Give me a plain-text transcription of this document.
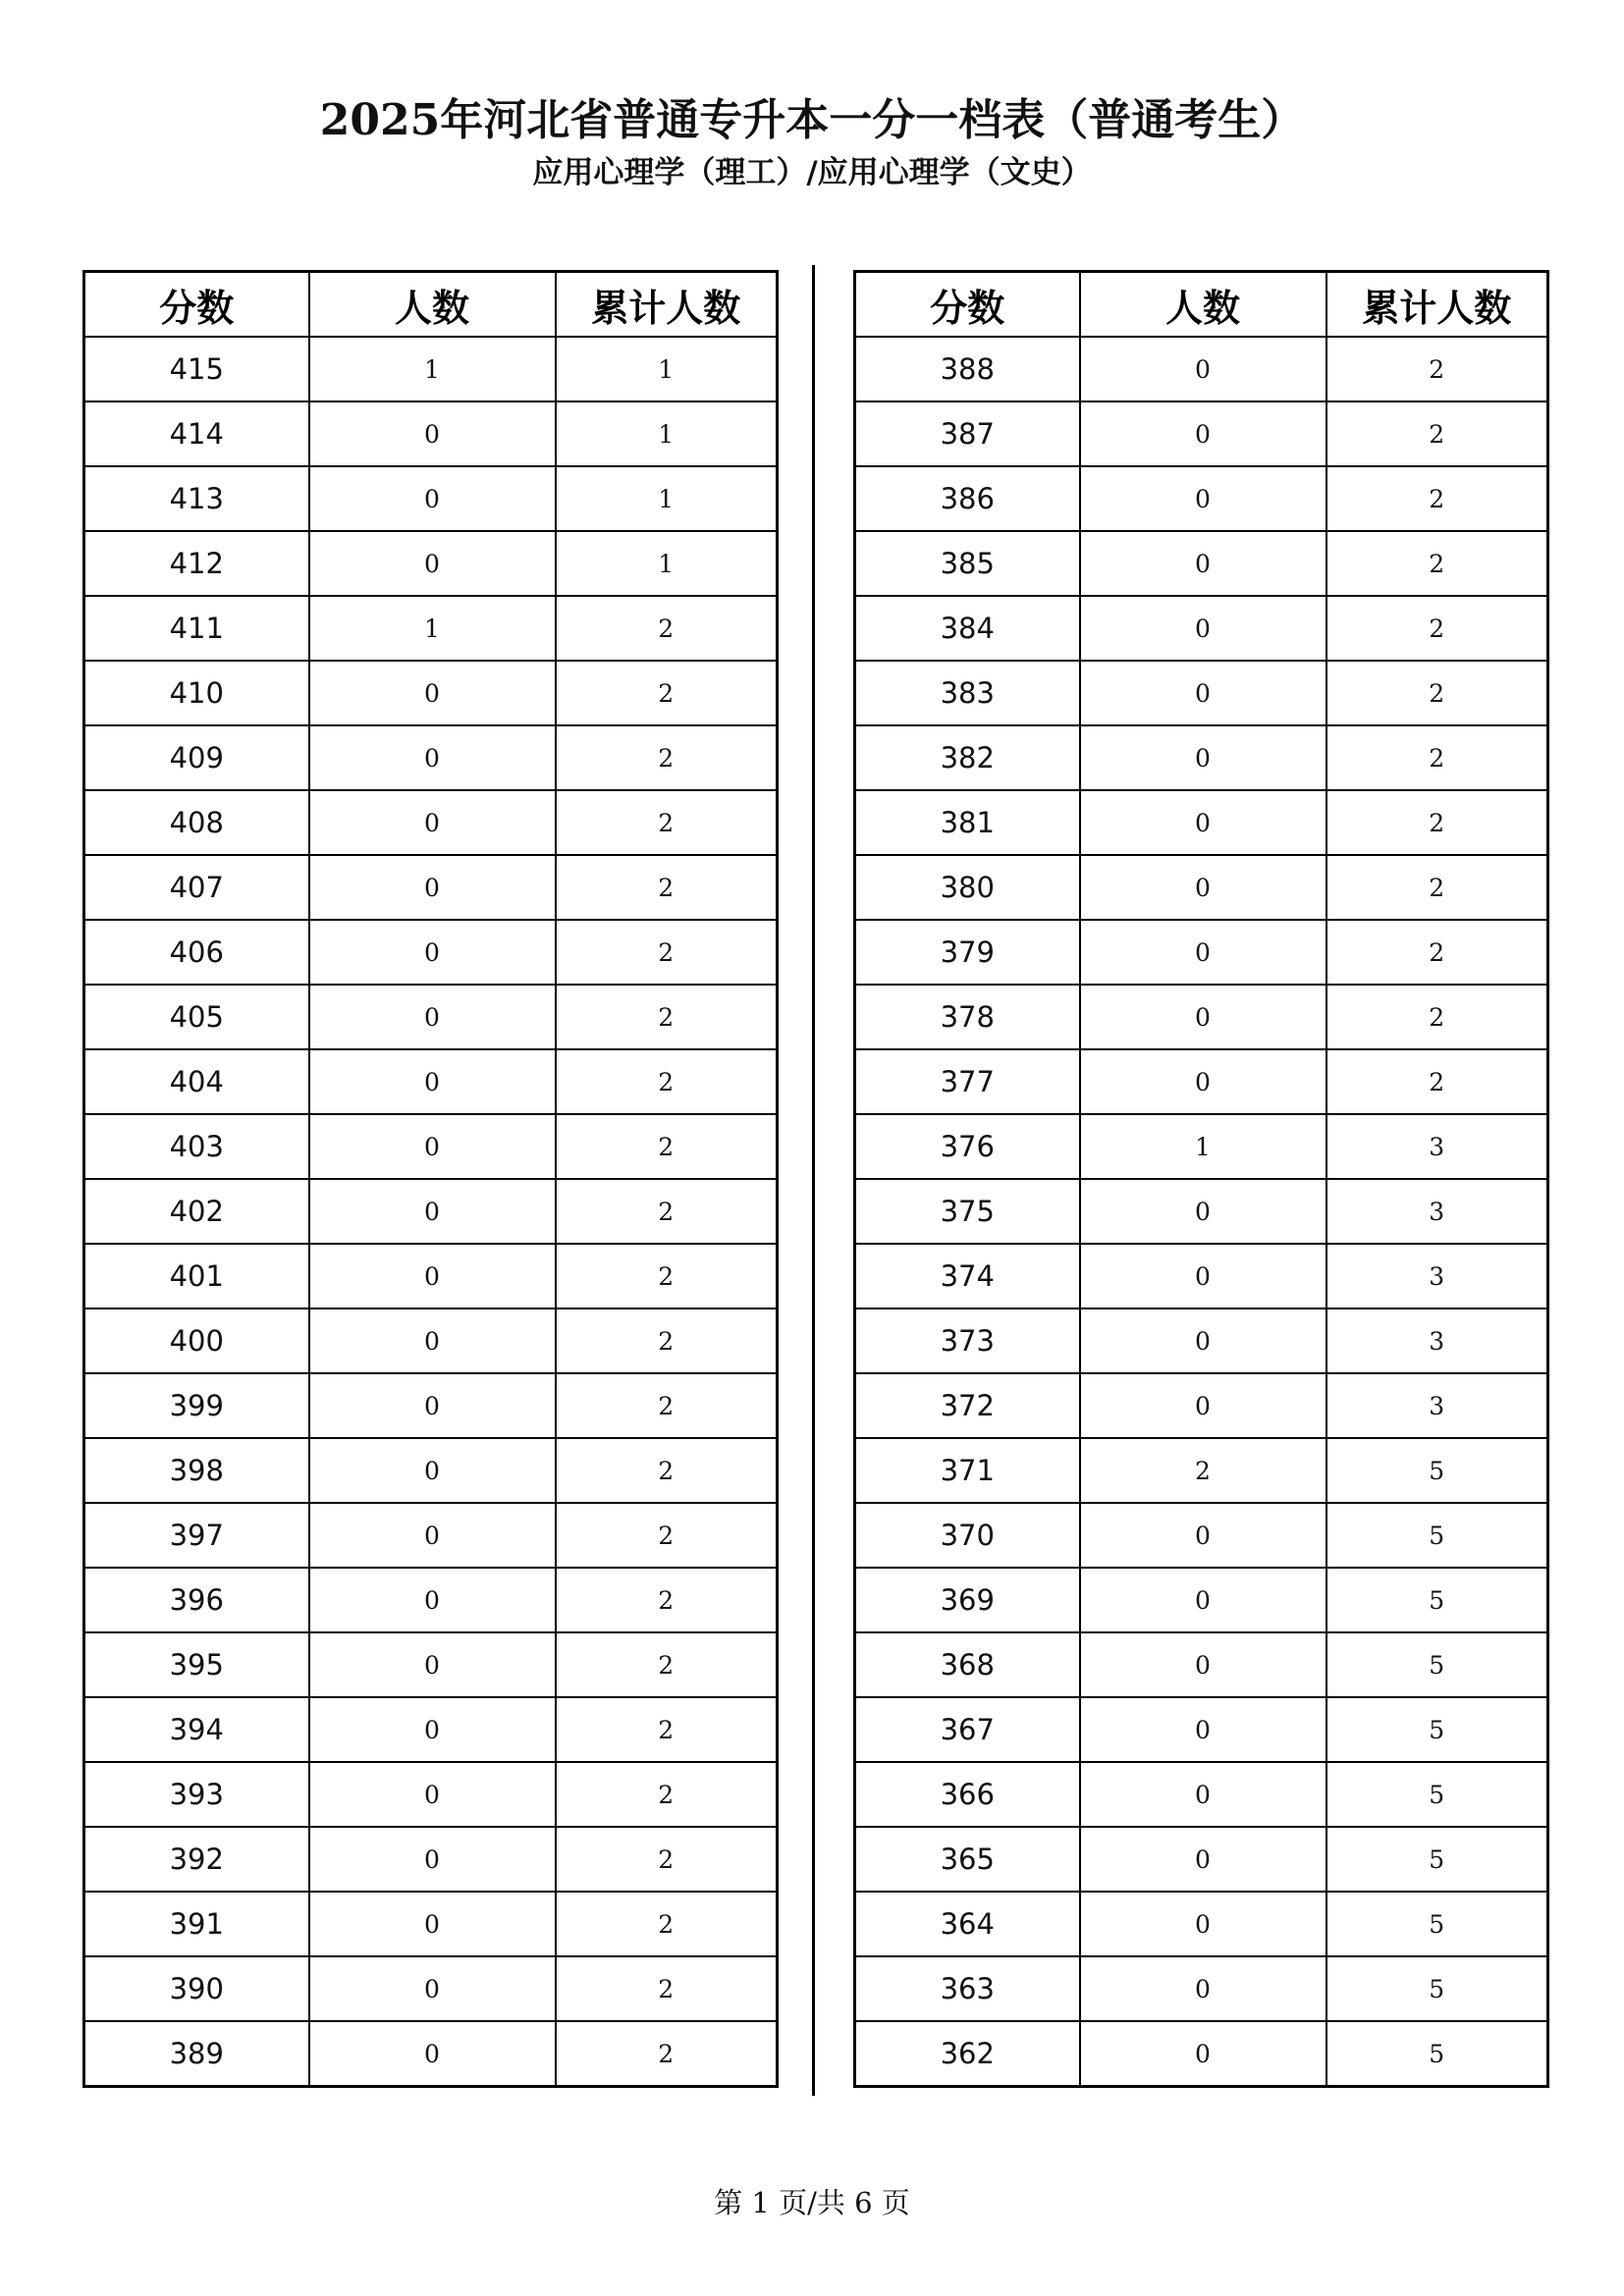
2025年河北省普通专升本一分一档表（普通考生）
应用心理学（理工）/应用心理学（文史）
分数	人数	累计人数
415	1	1
414	0	1
413	0	1
412	0	1
411	1	2
410	0	2
409	0	2
408	0	2
407	0	2
406	0	2
405	0	2
404	0	2
403	0	2
402	0	2
401	0	2
400	0	2
399	0	2
398	0	2
397	0	2
396	0	2
395	0	2
394	0	2
393	0	2
392	0	2
391	0	2
390	0	2
389	0	2
分数	人数	累计人数
388	0	2
387	0	2
386	0	2
385	0	2
384	0	2
383	0	2
382	0	2
381	0	2
380	0	2
379	0	2
378	0	2
377	0	2
376	1	3
375	0	3
374	0	3
373	0	3
372	0	3
371	2	5
370	0	5
369	0	5
368	0	5
367	0	5
366	0	5
365	0	5
364	0	5
363	0	5
362	0	5
第 1 页/共 6 页
